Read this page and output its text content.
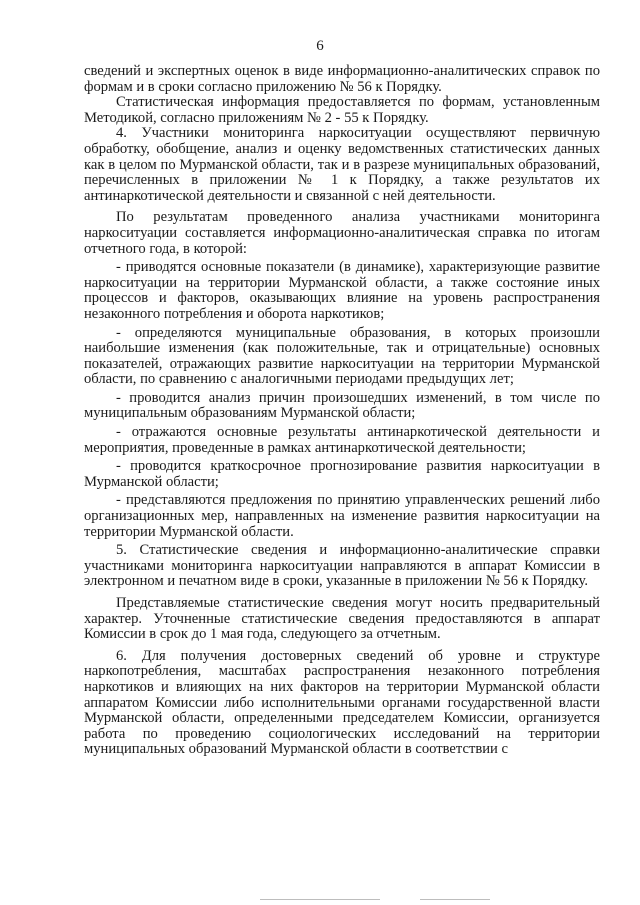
6

сведений и экспертных оценок в виде информационно-аналитических справок по формам и в сроки согласно приложению № 56 к Порядку.

Статистическая информация предоставляется по формам, установленным Методикой, согласно приложениям № 2 - 55 к Порядку.

4. Участники мониторинга наркоситуации осуществляют первичную обработку, обобщение, анализ и оценку ведомственных статистических данных как в целом по Мурманской области, так и в разрезе муниципальных образований, перечисленных в приложении № 1 к Порядку, а также результатов их антинаркотической деятельности и связанной с ней деятельности.

По результатам проведенного анализа участниками мониторинга наркоситуации составляется информационно-аналитическая справка по итогам отчетного года, в которой:

- приводятся основные показатели (в динамике), характеризующие развитие наркоситуации на территории Мурманской области, а также состояние иных процессов и факторов, оказывающих влияние на уровень распространения незаконного потребления и оборота наркотиков;

- определяются муниципальные образования, в которых произошли наибольшие изменения (как положительные, так и отрицательные) основных показателей, отражающих развитие наркоситуации на территории Мурманской области, по сравнению с аналогичными периодами предыдущих лет;

- проводится анализ причин произошедших изменений, в том числе по муниципальным образованиям Мурманской области;

- отражаются основные результаты антинаркотической деятельности и мероприятия, проведенные в рамках антинаркотической деятельности;

- проводится краткосрочное прогнозирование развития наркоситуации в Мурманской области;

- представляются предложения по принятию управленческих решений либо организационных мер, направленных на изменение развития наркоситуации на территории Мурманской области.

5. Статистические сведения и информационно-аналитические справки участниками мониторинга наркоситуации направляются в аппарат Комиссии в электронном и печатном виде в сроки, указанные в приложении № 56 к Порядку.

Представляемые статистические сведения могут носить предварительный характер. Уточненные статистические сведения предоставляются в аппарат Комиссии в срок до 1 мая года, следующего за отчетным.

6. Для получения достоверных сведений об уровне и структуре наркопотребления, масштабах распространения незаконного потребления наркотиков и влияющих на них факторов на территории Мурманской области аппаратом Комиссии либо исполнительными органами государственной власти Мурманской области, определенными председателем Комиссии, организуется работа по проведению социологических исследований на территории муниципальных образований Мурманской области в соответствии с
